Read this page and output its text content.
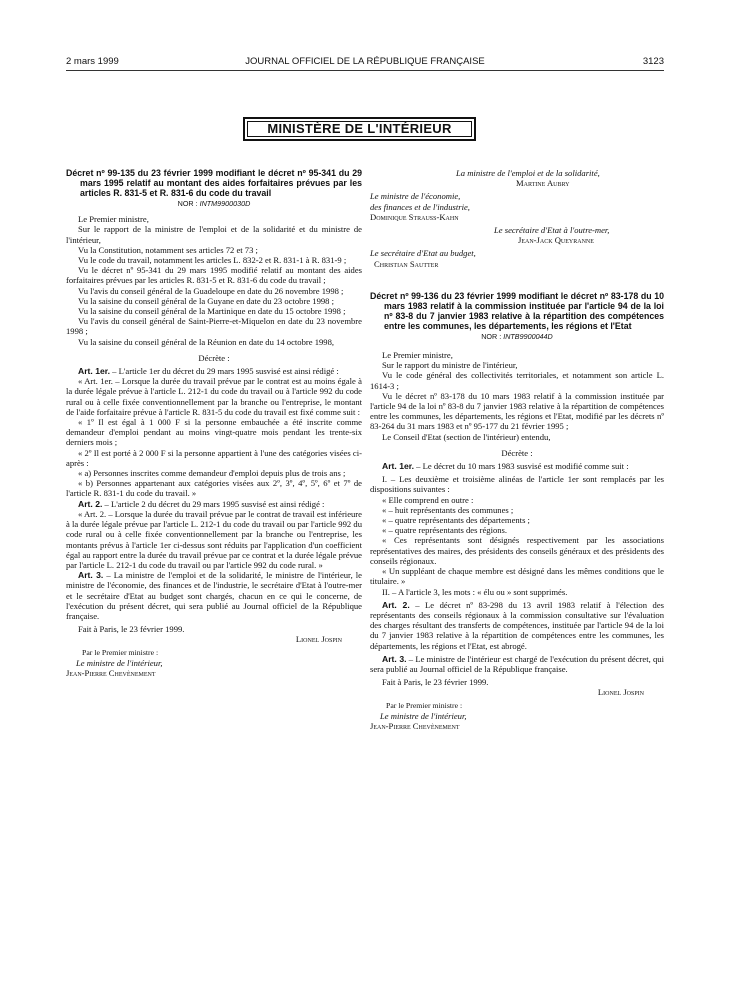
2 mars 1999	JOURNAL OFFICIEL DE LA RÉPUBLIQUE FRANÇAISE	3123
MINISTÈRE DE L'INTÉRIEUR
Décret nº 99-135 du 23 février 1999 modifiant le décret nº 95-341 du 29 mars 1995 relatif au montant des aides forfaitaires prévues par les articles R. 831-5 et R. 831-6 du code du travail
NOR : INTM9900030D

Le Premier ministre,

Sur le rapport de la ministre de l'emploi et de la solidarité et du ministre de l'intérieur,

Vu la Constitution, notamment ses articles 72 et 73 ;

Vu le code du travail, notamment les articles L. 832-2 et R. 831-1 à R. 831-9 ;

Vu le décret nº 95-341 du 29 mars 1995 modifié relatif au montant des aides forfaitaires prévues par les articles R. 831-5 et R. 831-6 du code du travail ;

Vu l'avis du conseil général de la Guadeloupe en date du 26 novembre 1998 ;

Vu la saisine du conseil général de la Guyane en date du 23 octobre 1998 ;

Vu la saisine du conseil général de la Martinique en date du 15 octobre 1998 ;

Vu l'avis du conseil général de Saint-Pierre-et-Miquelon en date du 23 novembre 1998 ;

Vu la saisine du conseil général de la Réunion en date du 14 octobre 1998,

Décrète :

Art. 1er. – L'article 1er du décret du 29 mars 1995 susvisé est ainsi rédigé :

« Art. 1er. – Lorsque la durée du travail prévue par le contrat est au moins égale à la durée légale prévue à l'article L. 212-1 du code du travail ou à l'article 992 du code rural ou à celle fixée conventionnellement par la branche ou l'entreprise, le montant de l'aide forfaitaire prévue à l'article R. 831-5 du code du travail est fixé comme suit :

« 1º Il est égal à 1 000 F si la personne embauchée a été inscrite comme demandeur d'emploi pendant au moins vingt-quatre mois pendant les trente-six derniers mois ;

« 2º Il est porté à 2 000 F si la personne appartient à l'une des catégories visées ci-après :

« a) Personnes inscrites comme demandeur d'emploi depuis plus de trois ans ;

« b) Personnes appartenant aux catégories visées aux 2º, 3º, 4º, 5º, 6º et 7º de l'article R. 831-1 du code du travail. »

Art. 2. – L'article 2 du décret du 29 mars 1995 susvisé est ainsi rédigé :

« Art. 2. – Lorsque la durée du travail prévue par le contrat de travail est inférieure à la durée légale prévue par l'article L. 212-1 du code du travail ou par l'article 992 du code rural ou à celle fixée conventionnellement par la branche ou l'entreprise, les montants prévus à l'article 1er ci-dessus sont réduits par l'application d'un coefficient égal au rapport entre la durée du travail prévue par ce contrat et la durée légale prévue par l'article L. 212-1 du code du travail ou par l'article 992 du code rural. »

Art. 3. – La ministre de l'emploi et de la solidarité, le ministre de l'intérieur, le ministre de l'économie, des finances et de l'industrie, le secrétaire d'Etat à l'outre-mer et le secrétaire d'Etat au budget sont chargés, chacun en ce qui le concerne, de l'exécution du présent décret, qui sera publié au Journal officiel de la République française.

Fait à Paris, le 23 février 1999.

Lionel Jospin

Par le Premier ministre :
Le ministre de l'intérieur,
Jean-Pierre Chevènement
La ministre de l'emploi et de la solidarité,
Martine Aubry
Le ministre de l'économie,
des finances et de l'industrie,
Dominique Strauss-Kahn
Le secrétaire d'Etat à l'outre-mer,
Jean-Jack Queyranne
Le secrétaire d'Etat au budget,
Christian Sautter
Décret nº 99-136 du 23 février 1999 modifiant le décret nº 83-178 du 10 mars 1983 relatif à la commission instituée par l'article 94 de la loi nº 83-8 du 7 janvier 1983 relative à la répartition des compétences entre les communes, les départements, les régions et l'Etat
NOR : INTB9900044D

Le Premier ministre,

Sur le rapport du ministre de l'intérieur,

Vu le code général des collectivités territoriales, et notamment son article L. 1614-3 ;

Vu le décret nº 83-178 du 10 mars 1983 relatif à la commission instituée par l'article 94 de la loi nº 83-8 du 7 janvier 1983 relative à la répartition de compétences entre les communes, les départements, les régions et l'Etat, modifié par les décrets nº 83-264 du 31 mars 1983 et nº 95-177 du 21 février 1995 ;

Le Conseil d'Etat (section de l'intérieur) entendu,

Décrète :

Art. 1er. – Le décret du 10 mars 1983 susvisé est modifié comme suit :

I. – Les deuxième et troisième alinéas de l'article 1er sont remplacés par les dispositions suivantes :

« Elle comprend en outre :

« – huit représentants des communes ;

« – quatre représentants des départements ;

« – quatre représentants des régions.

« Ces représentants sont désignés respectivement par les associations représentatives des maires, des présidents des conseils généraux et des présidents des conseils régionaux.

« Un suppléant de chaque membre est désigné dans les mêmes conditions que le titulaire. »

II. – A l'article 3, les mots : « élu ou » sont supprimés.

Art. 2. – Le décret nº 83-298 du 13 avril 1983 relatif à l'élection des représentants des conseils régionaux à la commission consultative sur l'évaluation des charges résultant des transferts de compétences, instituée par l'article 94 de la loi du 7 janvier 1983 relative à la répartition de compétences entre les communes, les départements, les régions et l'Etat, est abrogé.

Art. 3. – Le ministre de l'intérieur est chargé de l'exécution du présent décret, qui sera publié au Journal officiel de la République française.

Fait à Paris, le 23 février 1999.

Lionel Jospin

Par le Premier ministre :
Le ministre de l'intérieur,
Jean-Pierre Chevènement
